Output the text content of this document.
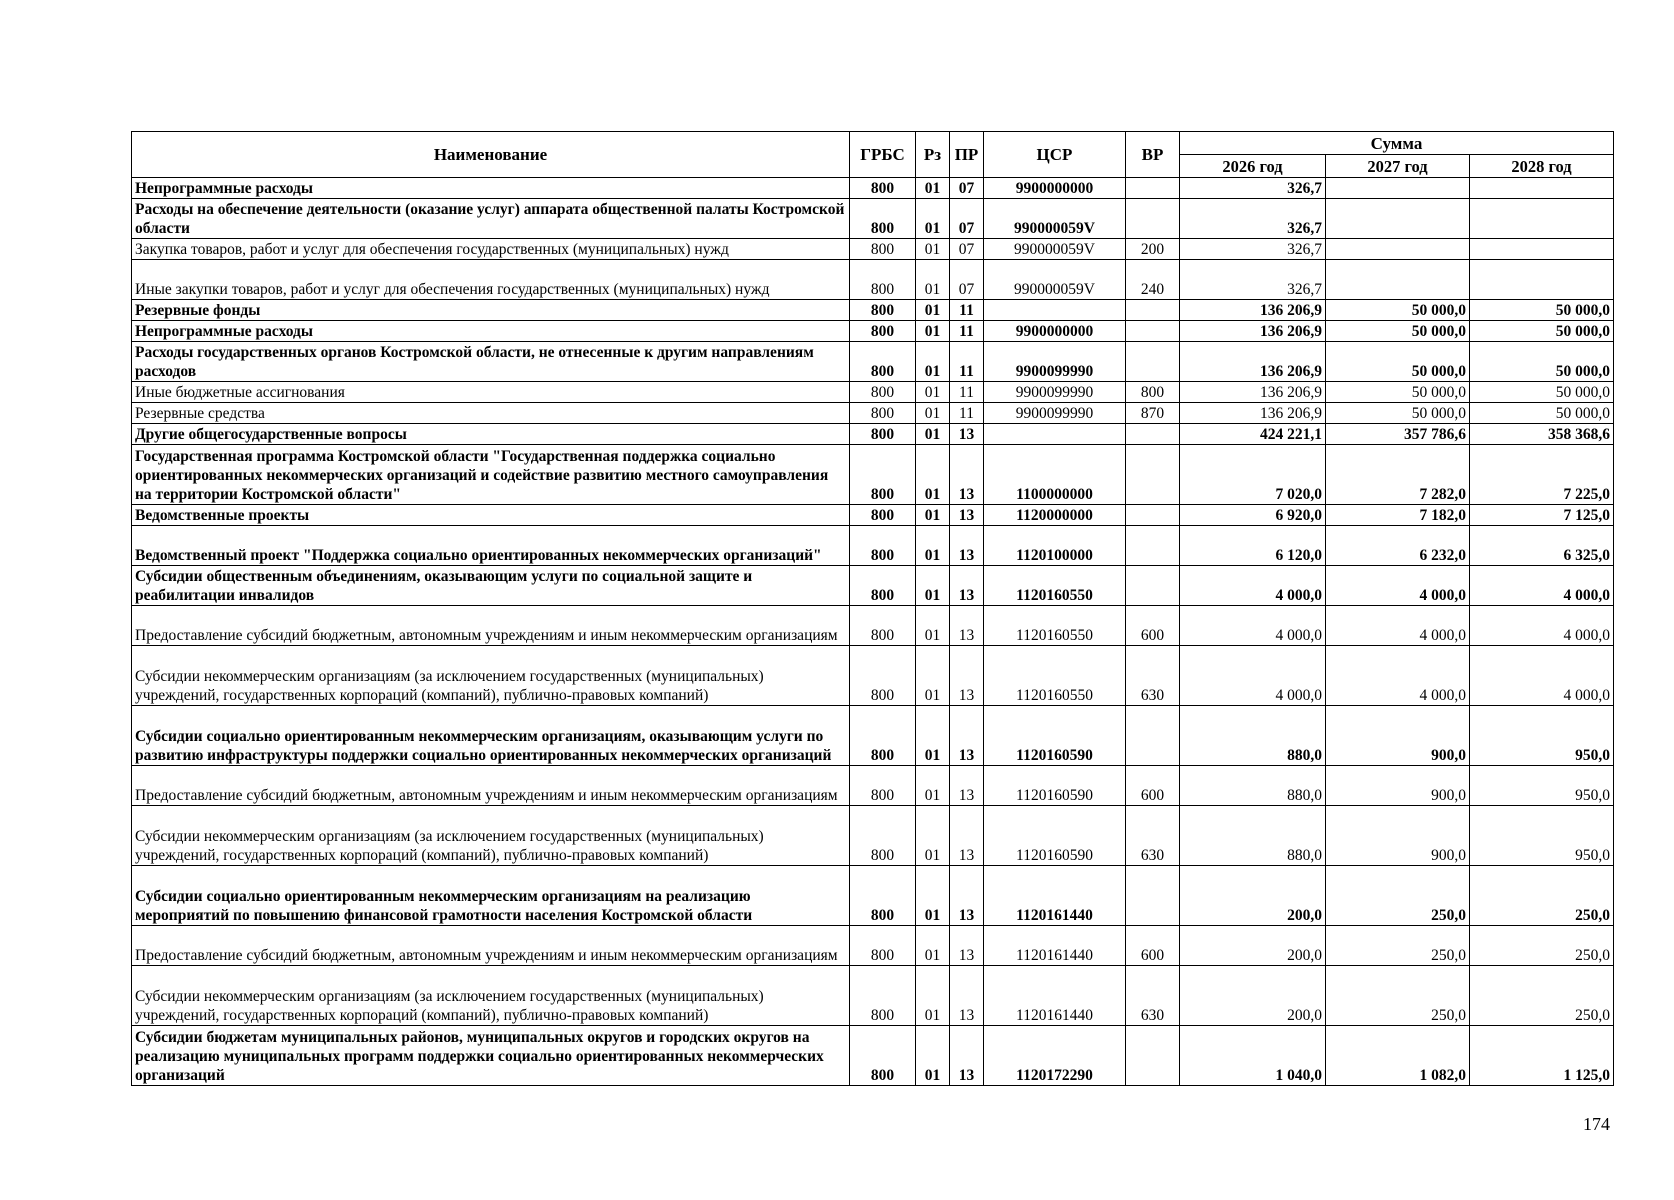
Наименование	ГРБС	Рз	ПР	ЦСР	ВР	Сумма		
						2026 год	2027 год	2028 год
Непрограммные расходы	800	01	07	9900000000		326,7		
Расходы на обеспечение деятельности (оказание услуг) аппарата общественной палаты Костромской области	800	01	07	990000059V		326,7		
Закупка товаров, работ и услуг для обеспечения государственных (муниципальных) нужд	800	01	07	990000059V	200	326,7		
Иные закупки товаров, работ и услуг для обеспечения государственных (муниципальных) нужд	800	01	07	990000059V	240	326,7		
Резервные фонды	800	01	11			136 206,9	50 000,0	50 000,0
Непрограммные расходы	800	01	11	9900000000		136 206,9	50 000,0	50 000,0
Расходы государственных органов Костромской области, не отнесенные к другим направлениям расходов	800	01	11	9900099990		136 206,9	50 000,0	50 000,0
Иные бюджетные ассигнования	800	01	11	9900099990	800	136 206,9	50 000,0	50 000,0
Резервные средства	800	01	11	9900099990	870	136 206,9	50 000,0	50 000,0
Другие общегосударственные вопросы	800	01	13			424 221,1	357 786,6	358 368,6
Государственная программа Костромской области "Государственная поддержка социально ориентированных некоммерческих организаций и содействие развитию местного самоуправления на территории Костромской области"	800	01	13	1100000000		7 020,0	7 282,0	7 225,0
Ведомственные проекты	800	01	13	1120000000		6 920,0	7 182,0	7 125,0
Ведомственный проект "Поддержка социально ориентированных некоммерческих организаций"	800	01	13	1120100000		6 120,0	6 232,0	6 325,0
Субсидии общественным объединениям, оказывающим услуги по социальной защите и реабилитации инвалидов	800	01	13	1120160550		4 000,0	4 000,0	4 000,0
Предоставление субсидий бюджетным, автономным учреждениям и иным некоммерческим организациям	800	01	13	1120160550	600	4 000,0	4 000,0	4 000,0
Субсидии некоммерческим организациям (за исключением государственных (муниципальных) учреждений, государственных корпораций (компаний), публично-правовых компаний)	800	01	13	1120160550	630	4 000,0	4 000,0	4 000,0
Субсидии социально ориентированным некоммерческим организациям, оказывающим услуги по развитию инфраструктуры поддержки социально ориентированных некоммерческих организаций	800	01	13	1120160590		880,0	900,0	950,0
Предоставление субсидий бюджетным, автономным учреждениям и иным некоммерческим организациям	800	01	13	1120160590	600	880,0	900,0	950,0
Субсидии некоммерческим организациям (за исключением государственных (муниципальных) учреждений, государственных корпораций (компаний), публично-правовых компаний)	800	01	13	1120160590	630	880,0	900,0	950,0
Субсидии социально ориентированным некоммерческим организациям на реализацию мероприятий по повышению финансовой грамотности населения Костромской области	800	01	13	1120161440		200,0	250,0	250,0
Предоставление субсидий бюджетным, автономным учреждениям и иным некоммерческим организациям	800	01	13	1120161440	600	200,0	250,0	250,0
Субсидии некоммерческим организациям (за исключением государственных (муниципальных) учреждений, государственных корпораций (компаний), публично-правовых компаний)	800	01	13	1120161440	630	200,0	250,0	250,0
Субсидии бюджетам муниципальных районов, муниципальных округов и городских округов на реализацию муниципальных программ поддержки социально ориентированных некоммерческих организаций	800	01	13	1120172290		1 040,0	1 082,0	1 125,0
174
